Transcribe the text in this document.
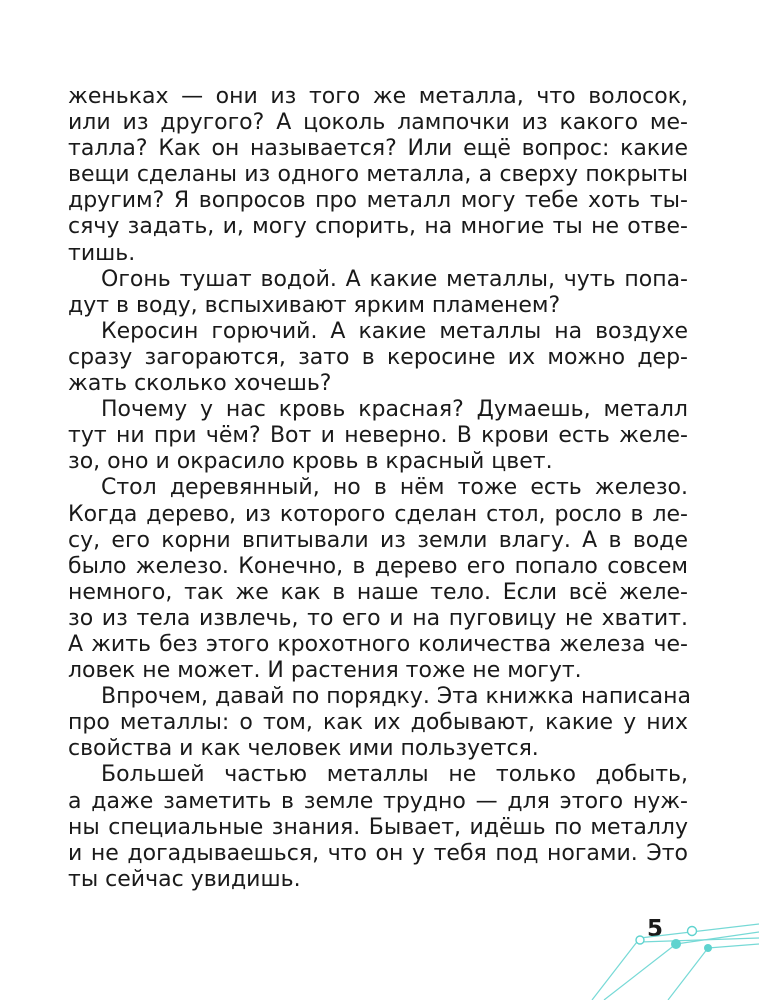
женьках — они из того же металла, что волосок,
или из другого? А цоколь лампочки из какого ме-
талла? Как он называется? Или ещё вопрос: какие
вещи сделаны из одного металла, а сверху покрыты
другим? Я вопросов про металл могу тебе хоть ты-
сячу задать, и, могу спорить, на многие ты не отве-
тишь.
Огонь тушат водой. А какие металлы, чуть попа-
дут в воду, вспыхивают ярким пламенем?
Керосин горючий. А какие металлы на воздухе
сразу загораются, зато в керосине их можно дер-
жать сколько хочешь?
Почему у нас кровь красная? Думаешь, металл
тут ни при чём? Вот и неверно. В крови есть желе-
зо, оно и окрасило кровь в красный цвет.
Стол деревянный, но в нём тоже есть железо.
Когда дерево, из которого сделан стол, росло в ле-
су, его корни впитывали из земли влагу. А в воде
было железо. Конечно, в дерево его попало совсем
немного, так же как в наше тело. Если всё желе-
зо из тела извлечь, то его и на пуговицу не хватит.
А жить без этого крохотного количества железа че-
ловек не может. И растения тоже не могут.
Впрочем, давай по порядку. Эта книжка написана
про металлы: о том, как их добывают, какие у них
свойства и как человек ими пользуется.
Большей частью металлы не только добыть,
а даже заметить в земле трудно — для этого нуж-
ны специальные знания. Бывает, идёшь по металлу
и не догадываешься, что он у тебя под ногами. Это
ты сейчас увидишь.
5
